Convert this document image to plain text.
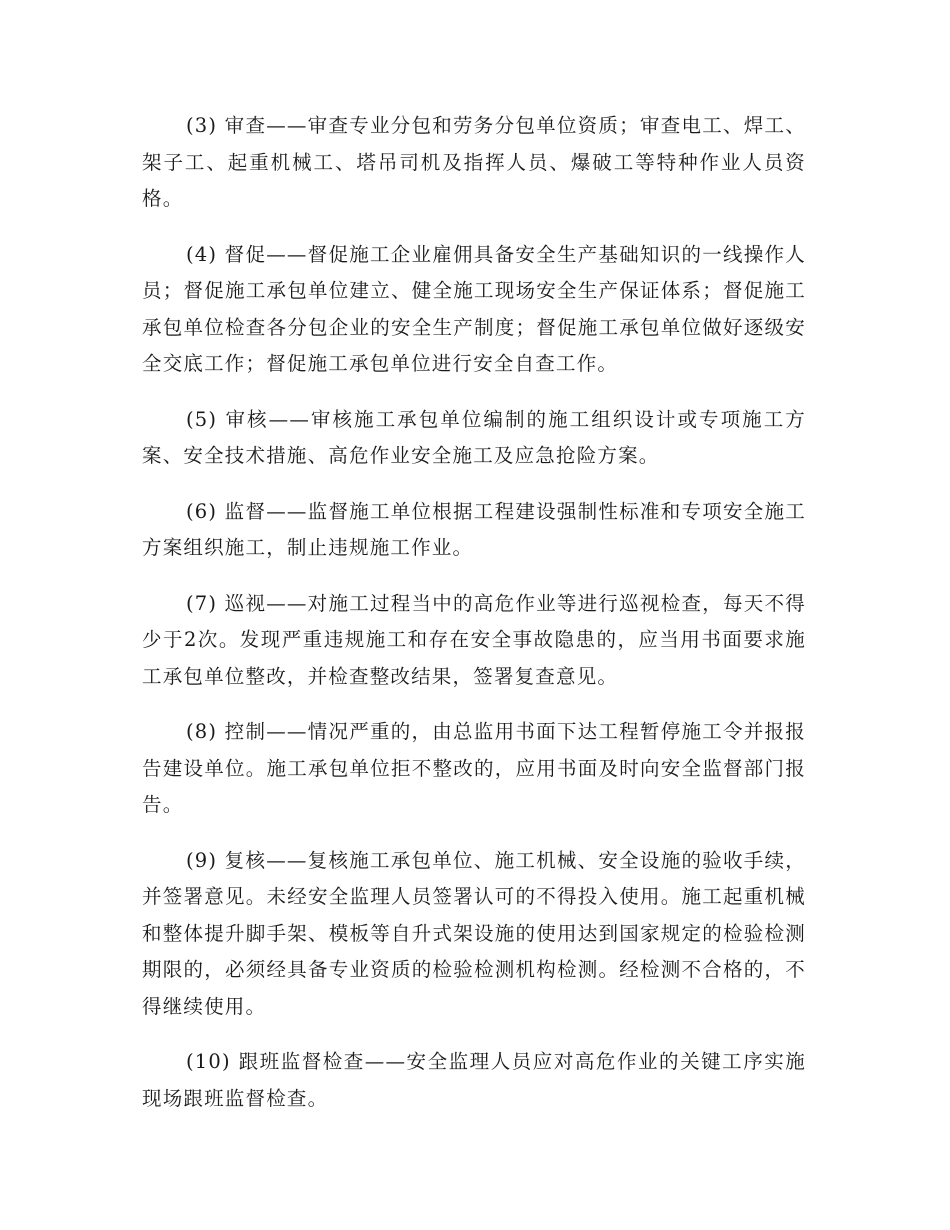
(3) 审查——审查专业分包和劳务分包单位资质；审查电工、焊工、架子工、起重机械工、塔吊司机及指挥人员、爆破工等特种作业人员资格。

(4) 督促——督促施工企业雇佣具备安全生产基础知识的一线操作人员；督促施工承包单位建立、健全施工现场安全生产保证体系；督促施工承包单位检查各分包企业的安全生产制度；督促施工承包单位做好逐级安全交底工作；督促施工承包单位进行安全自查工作。

(5) 审核——审核施工承包单位编制的施工组织设计或专项施工方案、安全技术措施、高危作业安全施工及应急抢险方案。

(6) 监督——监督施工单位根据工程建设强制性标准和专项安全施工方案组织施工，制止违规施工作业。

(7) 巡视——对施工过程当中的高危作业等进行巡视检查，每天不得少于2次。发现严重违规施工和存在安全事故隐患的，应当用书面要求施工承包单位整改，并检查整改结果，签署复查意见。

(8) 控制——情况严重的，由总监用书面下达工程暂停施工令并报报告建设单位。施工承包单位拒不整改的，应用书面及时向安全监督部门报告。

(9) 复核——复核施工承包单位、施工机械、安全设施的验收手续，并签署意见。未经安全监理人员签署认可的不得投入使用。施工起重机械和整体提升脚手架、模板等自升式架设施的使用达到国家规定的检验检测期限的，必须经具备专业资质的检验检测机构检测。经检测不合格的，不得继续使用。

(10) 跟班监督检查——安全监理人员应对高危作业的关键工序实施现场跟班监督检查。
